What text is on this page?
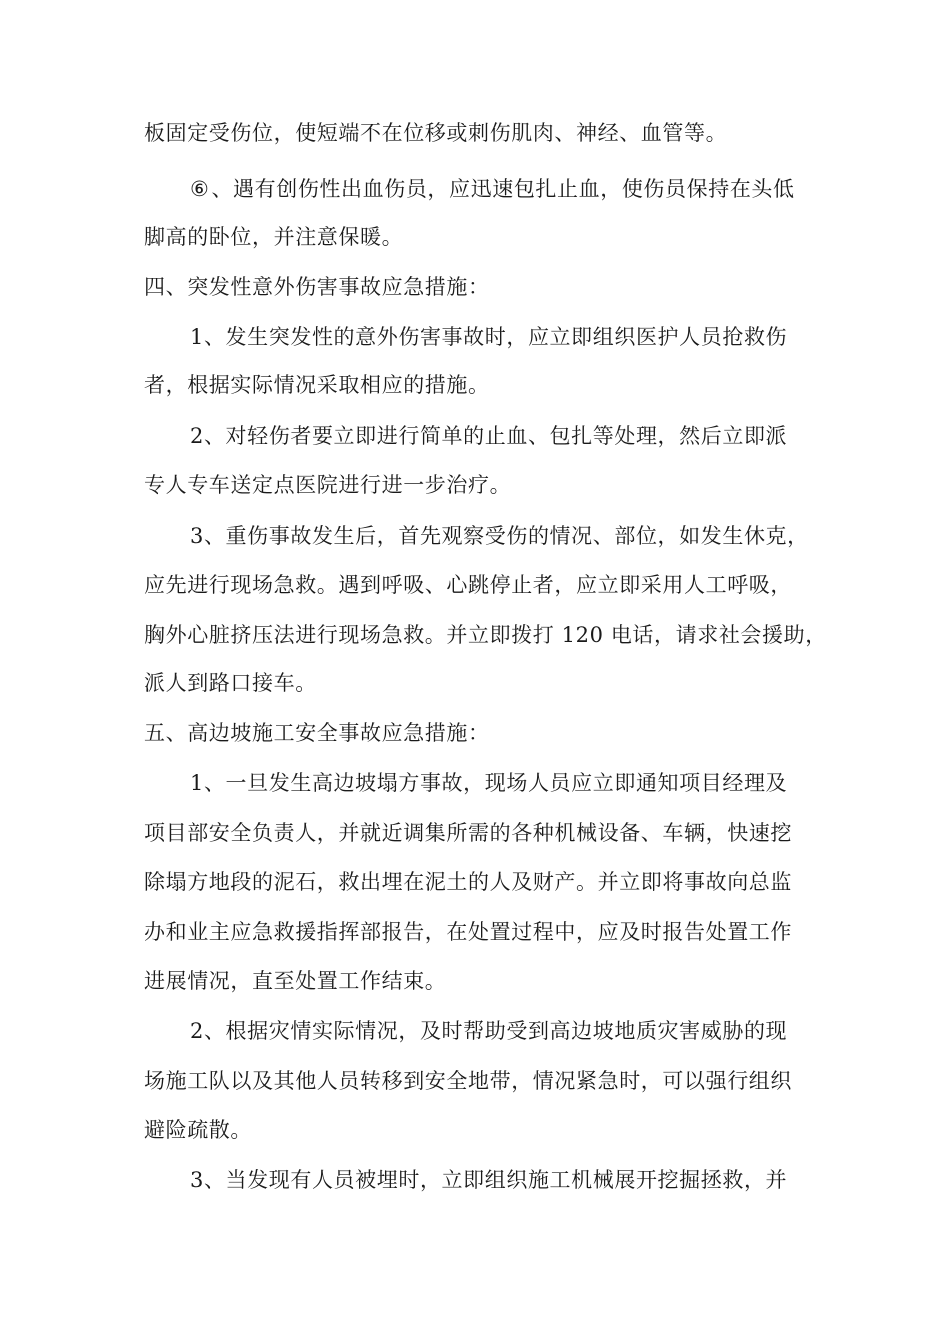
板固定受伤位，使短端不在位移或刺伤肌肉、神经、血管等。
⑥、遇有创伤性出血伤员，应迅速包扎止血，使伤员保持在头低
脚高的卧位，并注意保暖。
四、突发性意外伤害事故应急措施：
1、发生突发性的意外伤害事故时，应立即组织医护人员抢救伤
者，根据实际情况采取相应的措施。
2、对轻伤者要立即进行简单的止血、包扎等处理，然后立即派
专人专车送定点医院进行进一步治疗。
3、重伤事故发生后，首先观察受伤的情况、部位，如发生休克，
应先进行现场急救。遇到呼吸、心跳停止者，应立即采用人工呼吸，
胸外心脏挤压法进行现场急救。并立即拨打 120 电话，请求社会援助，
派人到路口接车。
五、高边坡施工安全事故应急措施：
1、一旦发生高边坡塌方事故，现场人员应立即通知项目经理及
项目部安全负责人，并就近调集所需的各种机械设备、车辆，快速挖
除塌方地段的泥石，救出埋在泥土的人及财产。并立即将事故向总监
办和业主应急救援指挥部报告，在处置过程中，应及时报告处置工作
进展情况，直至处置工作结束。
2、根据灾情实际情况，及时帮助受到高边坡地质灾害威胁的现
场施工队以及其他人员转移到安全地带，情况紧急时，可以强行组织
避险疏散。
3、当发现有人员被埋时，立即组织施工机械展开挖掘拯救，并
